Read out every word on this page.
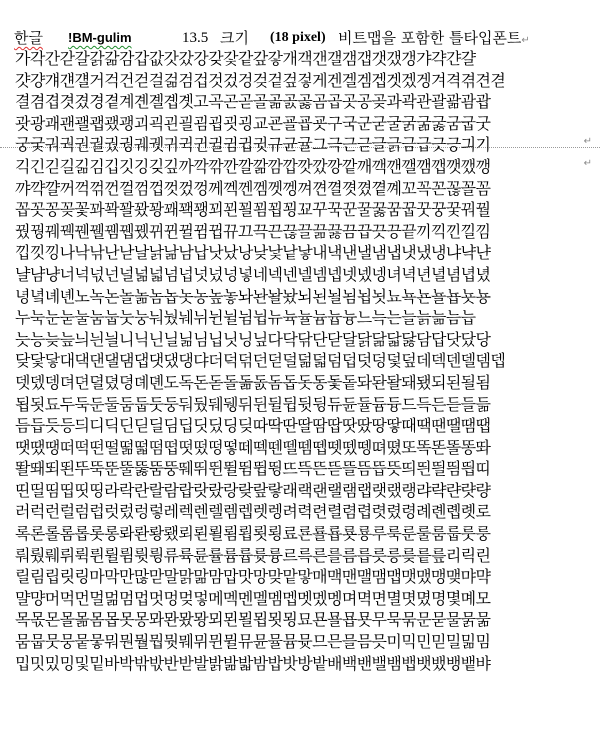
한글 !BM-gulim	13.5 크기 (18 pixel) 비트맵을 포함한 틀타입폰트↵
가각간갇갈갉갊감갑값갓갔강갖갗같갚갛개객갠갤갬갭갯갰갱갸갹갼걀
걋걍걔걘걜거걱건걷걸걺검겁것겄겅겆겉겊겋게겐겔겜겝겟겠겡겨격겪견겯
결겸겹겻겼경곁계곈곌곕곗고곡곤곧골곪곬곯곰곱곳공곶과곽관괄괆괌괍
괏광괘괜괠괩괬괭괴괵괸괼굄굅굇굉교굔굘굡굣구국군굳굴굵굶굻굼굽굿
궁궂궈궉권궐궜궝궤궷귀귁귄귈귐귑귓규균귤그극근귿글긁금급긋긍긔기	↵
긱긴긷길긺김깁깃깅깆깊까깍깎깐깔깖깜깝깟깠깡깥깨깩깬깰깸깹깻깼깽	↵
꺄꺅꺌꺼꺽꺾껀껄껌껍껏껐껑께껙껜껨껫껭껴껸껼꼇꼈꼍꼐꼬꼭꼰꼲꼴꼼
꼽꼿꽁꽂꽃꽈꽉꽐꽜꽝꽤꽥꽹꾀꾄꾈꾐꾑꾕꾜꾸꾹꾼꿀꿇꿈꿉꿋꿍꿎꿔꿜
꿨꿩꿰꿱꿴꿸뀀뀁뀄뀌뀐뀔뀜뀝뀨끄끅끈끊끌끎끓끔끕끗끙끝끼끽낀낄낌
낍낏낑나낙낚난낟날낡낢남납낫났낭낮낯낱낳내낵낸낼냄냅냇냈냉냐냑냔
냘냠냥너넉넋넌널넒넓넘넙넛넜넝넣네넥넨넬넴넵넷넸넹녀녁년녈념녑녔
녕녘녜녠노녹논놀놂놈놉놋농높놓놔놘놜놨뇌뇐뇔뇜뇝뇟뇨뇩뇬뇰뇹뇻뇽
누눅눈눋눌눔눕눗눙눠눴눼뉘뉜뉠뉨뉩뉴뉵뉼늄늅늉느늑는늘늙늚늠늡
늣능늦늪늬늰늴니닉닌닐닒님닙닛닝닢다닥닦단닫달닭닮닯닳담답닷닸당
닺닻닿대댁댄댈댐댑댓댔댕댜더덕덖던덛덜덞덟덤덥덧덩덫덮데덱덴델뎀뎁
뎃뎄뎅뎌뎐뎔뎠뎡뎨뎬도독돈돋돌돎돐돔돕돗동돛돝돠돤돨돼됐되된될됨
됩됫됴두둑둔둘둠둡둣둥둬뒀뒈뒝뒤뒨뒬뒵뒷뒹듀듄듈듐듕드득든듣들듦
듬듭듯등듸디딕딘딛딜딤딥딧딨딩딪따딱딴딸땀땁땃땄땅땋때땍땐땔땜땝
땟땠땡떠떡떤떨떪떫떰떱떳떴떵떻떼떽뗀뗄뗌뗍뗏뗐뗑뗘뗬또똑똔똘똥똬
똴뙈뙤뙨뚜뚝뚠뚤뚫뚬뚱뛔뛰뛴뛸뜀뜁뜅뜨뜩뜬뜯뜰뜸뜹뜻띄띈띌띔띕띠
띤띨띰띱띳띵라락란랄람랍랏랐랑랒랖랗래랙랜랠램랩랫랬랭랴략랸럇량
러럭런럴럼럽럿렀렁렇레렉렌렐렘렙렛렝려력련렬렴렵렷렸령례롄롑롓로
록론롤롬롭롯롱롸롼뢍뢨뢰뢴뢸룀룁룃룅료룐룔룝룟룡루룩룬룰룸룹룻룽
뤄뤘뤠뤼뤽륀륄륌륏륑류륙륜률륨륩륫륭르륵른를름릅릇릉릊릍릎리릭린
릴림립릿링마막만많맏말맑맒맘맙맛망맞맡맣매맥맨맬맴맵맷맸맹맺먀먁
먈먕머먹먼멀멂멈멉멋멍멎멓메멕멘멜멤멥멧멨멩며멱면멸몃몄명몇몌모
목몫몬몰몲몸몹못몽뫄뫈뫘뫙뫼묀묄묍묏묑묘묜묠묩묫무묵묶문묻물묽묾
뭄뭅뭇뭉뭍뭏뭐뭔뭘뭡뭣뭬뮈뮌뮐뮤뮨뮬뮴뮷므믄믈믐믓미믹민믿밀밂밈
밉밋밌밍및밑바박밖밗반받발밝밞밟밤밥밧방밭배백밴밸뱀뱁뱃뱄뱅뱉뱌
